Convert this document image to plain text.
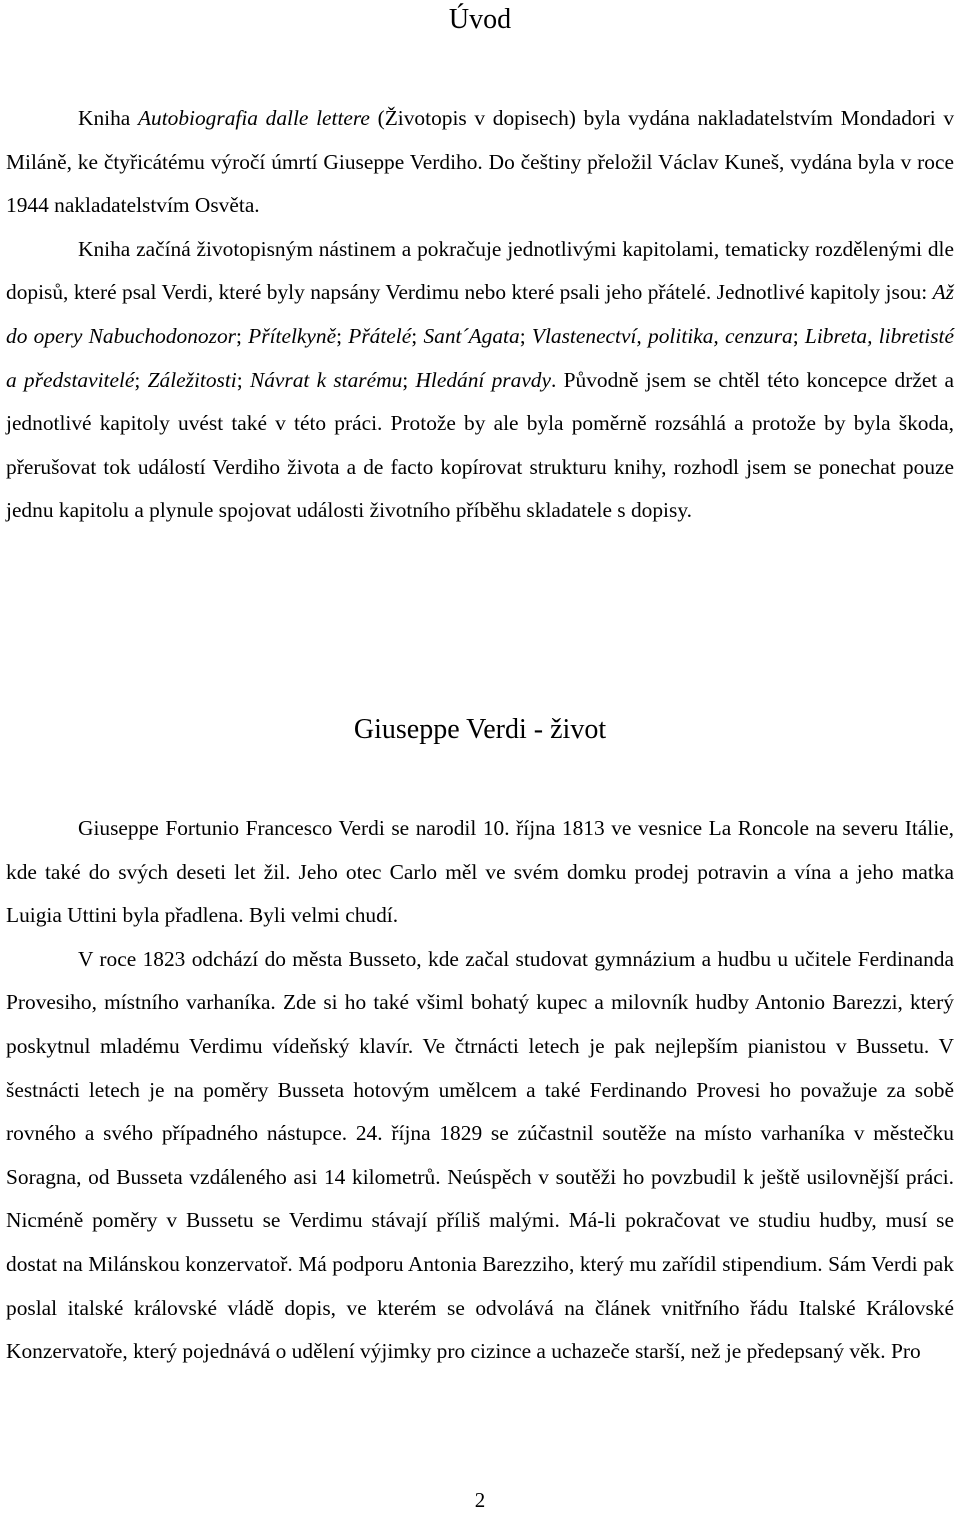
Úvod

Kniha Autobiografia dalle lettere (Životopis v dopisech) byla vydána nakladatelstvím Mondadori v Miláně, ke čtyřicátému výročí úmrtí Giuseppe Verdiho. Do češtiny přeložil Václav Kuneš, vydána byla v roce 1944 nakladatelstvím Osvěta.

Kniha začíná životopisným nástinem a pokračuje jednotlivými kapitolami, tematicky rozdělenými dle dopisů, které psal Verdi, které byly napsány Verdimu nebo které psali jeho přátelé. Jednotlivé kapitoly jsou: Až do opery Nabuchodonozor; Přítelkyně; Přátelé; Sant´Agata; Vlastenectví, politika, cenzura; Libreta, libretisté a představitelé; Záležitosti; Návrat k starému; Hledání pravdy. Původně jsem se chtěl této koncepce držet a jednotlivé kapitoly uvést také v této práci. Protože by ale byla poměrně rozsáhlá a protože by byla škoda, přerušovat tok událostí Verdiho života a de facto kopírovat strukturu knihy, rozhodl jsem se ponechat pouze jednu kapitolu a plynule spojovat události životního příběhu skladatele s dopisy.

Giuseppe Verdi - život

Giuseppe Fortunio Francesco Verdi se narodil 10. října 1813 ve vesnice La Roncole na severu Itálie, kde také do svých deseti let žil. Jeho otec Carlo měl ve svém domku prodej potravin a vína a jeho matka Luigia Uttini byla přadlena. Byli velmi chudí.

V roce 1823 odchází do města Busseto, kde začal studovat gymnázium a hudbu u učitele Ferdinanda Provesiho, místního varhaníka. Zde si ho také všiml bohatý kupec a milovník hudby Antonio Barezzi, který poskytnul mladému Verdimu vídeňský klavír. Ve čtrnácti letech je pak nejlepším pianistou v Bussetu. V šestnácti letech je na poměry Busseta hotovým umělcem a také Ferdinando Provesi ho považuje za sobě rovného a svého případného nástupce. 24. října 1829 se zúčastnil soutěže na místo varhaníka v městečku Soragna, od Busseta vzdáleného asi 14 kilometrů. Neúspěch v soutěži ho povzbudil k ještě usilovnější práci. Nicméně poměry v Bussetu se Verdimu stávají příliš malými. Má-li pokračovat ve studiu hudby, musí se dostat na Milánskou konzervatoř. Má podporu Antonia Barezziho, který mu zařídil stipendium. Sám Verdi pak poslal italské královské vládě dopis, ve kterém se odvolává na článek vnitřního řádu Italské Královské Konzervatoře, který pojednává o udělení výjimky pro cizince a uchazeče starší, než je předepsaný věk. Pro

2
